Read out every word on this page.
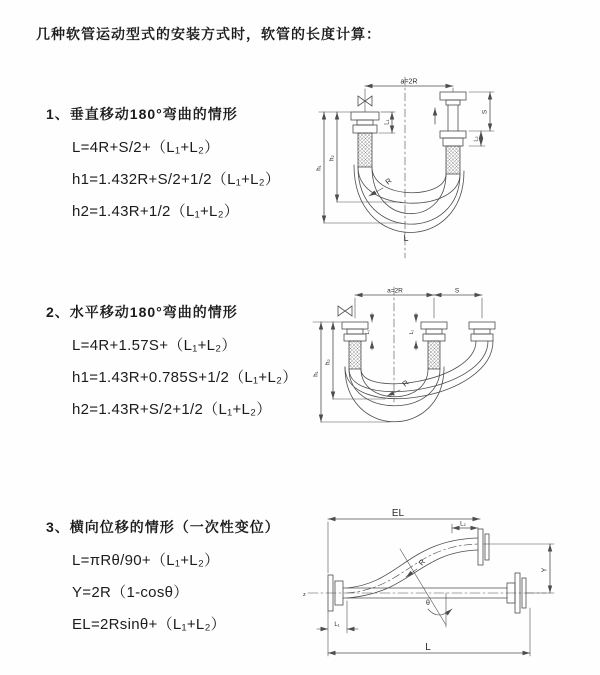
几种软管运动型式的安装方式时，软管的长度计算：
1、垂直移动180°弯曲的情形
L=4R+S/2+（L₁+L₂）
h1=1.432R+S/2+1/2（L₁+L₂）
h2=1.43R+1/2（L₁+L₂）
2、水平移动180°弯曲的情形
L=4R+1.57S+（L₁+L₂）
h1=1.43R+0.785S+1/2（L₁+L₂）
h2=1.43R+S/2+1/2（L₁+L₂）
3、横向位移的情形（一次性变位）
L=πRθ/90+（L₁+L₂）
Y=2R（1-cosθ）
EL=2Rsinθ+（L₁+L₂）
a=2R
L₁
S
L₂
h₁
h₂
R
L
a=2R	S
L₁	L₂
h₁
h₂
R
EL
L₂
Y
R
θ
L₁
L
z
